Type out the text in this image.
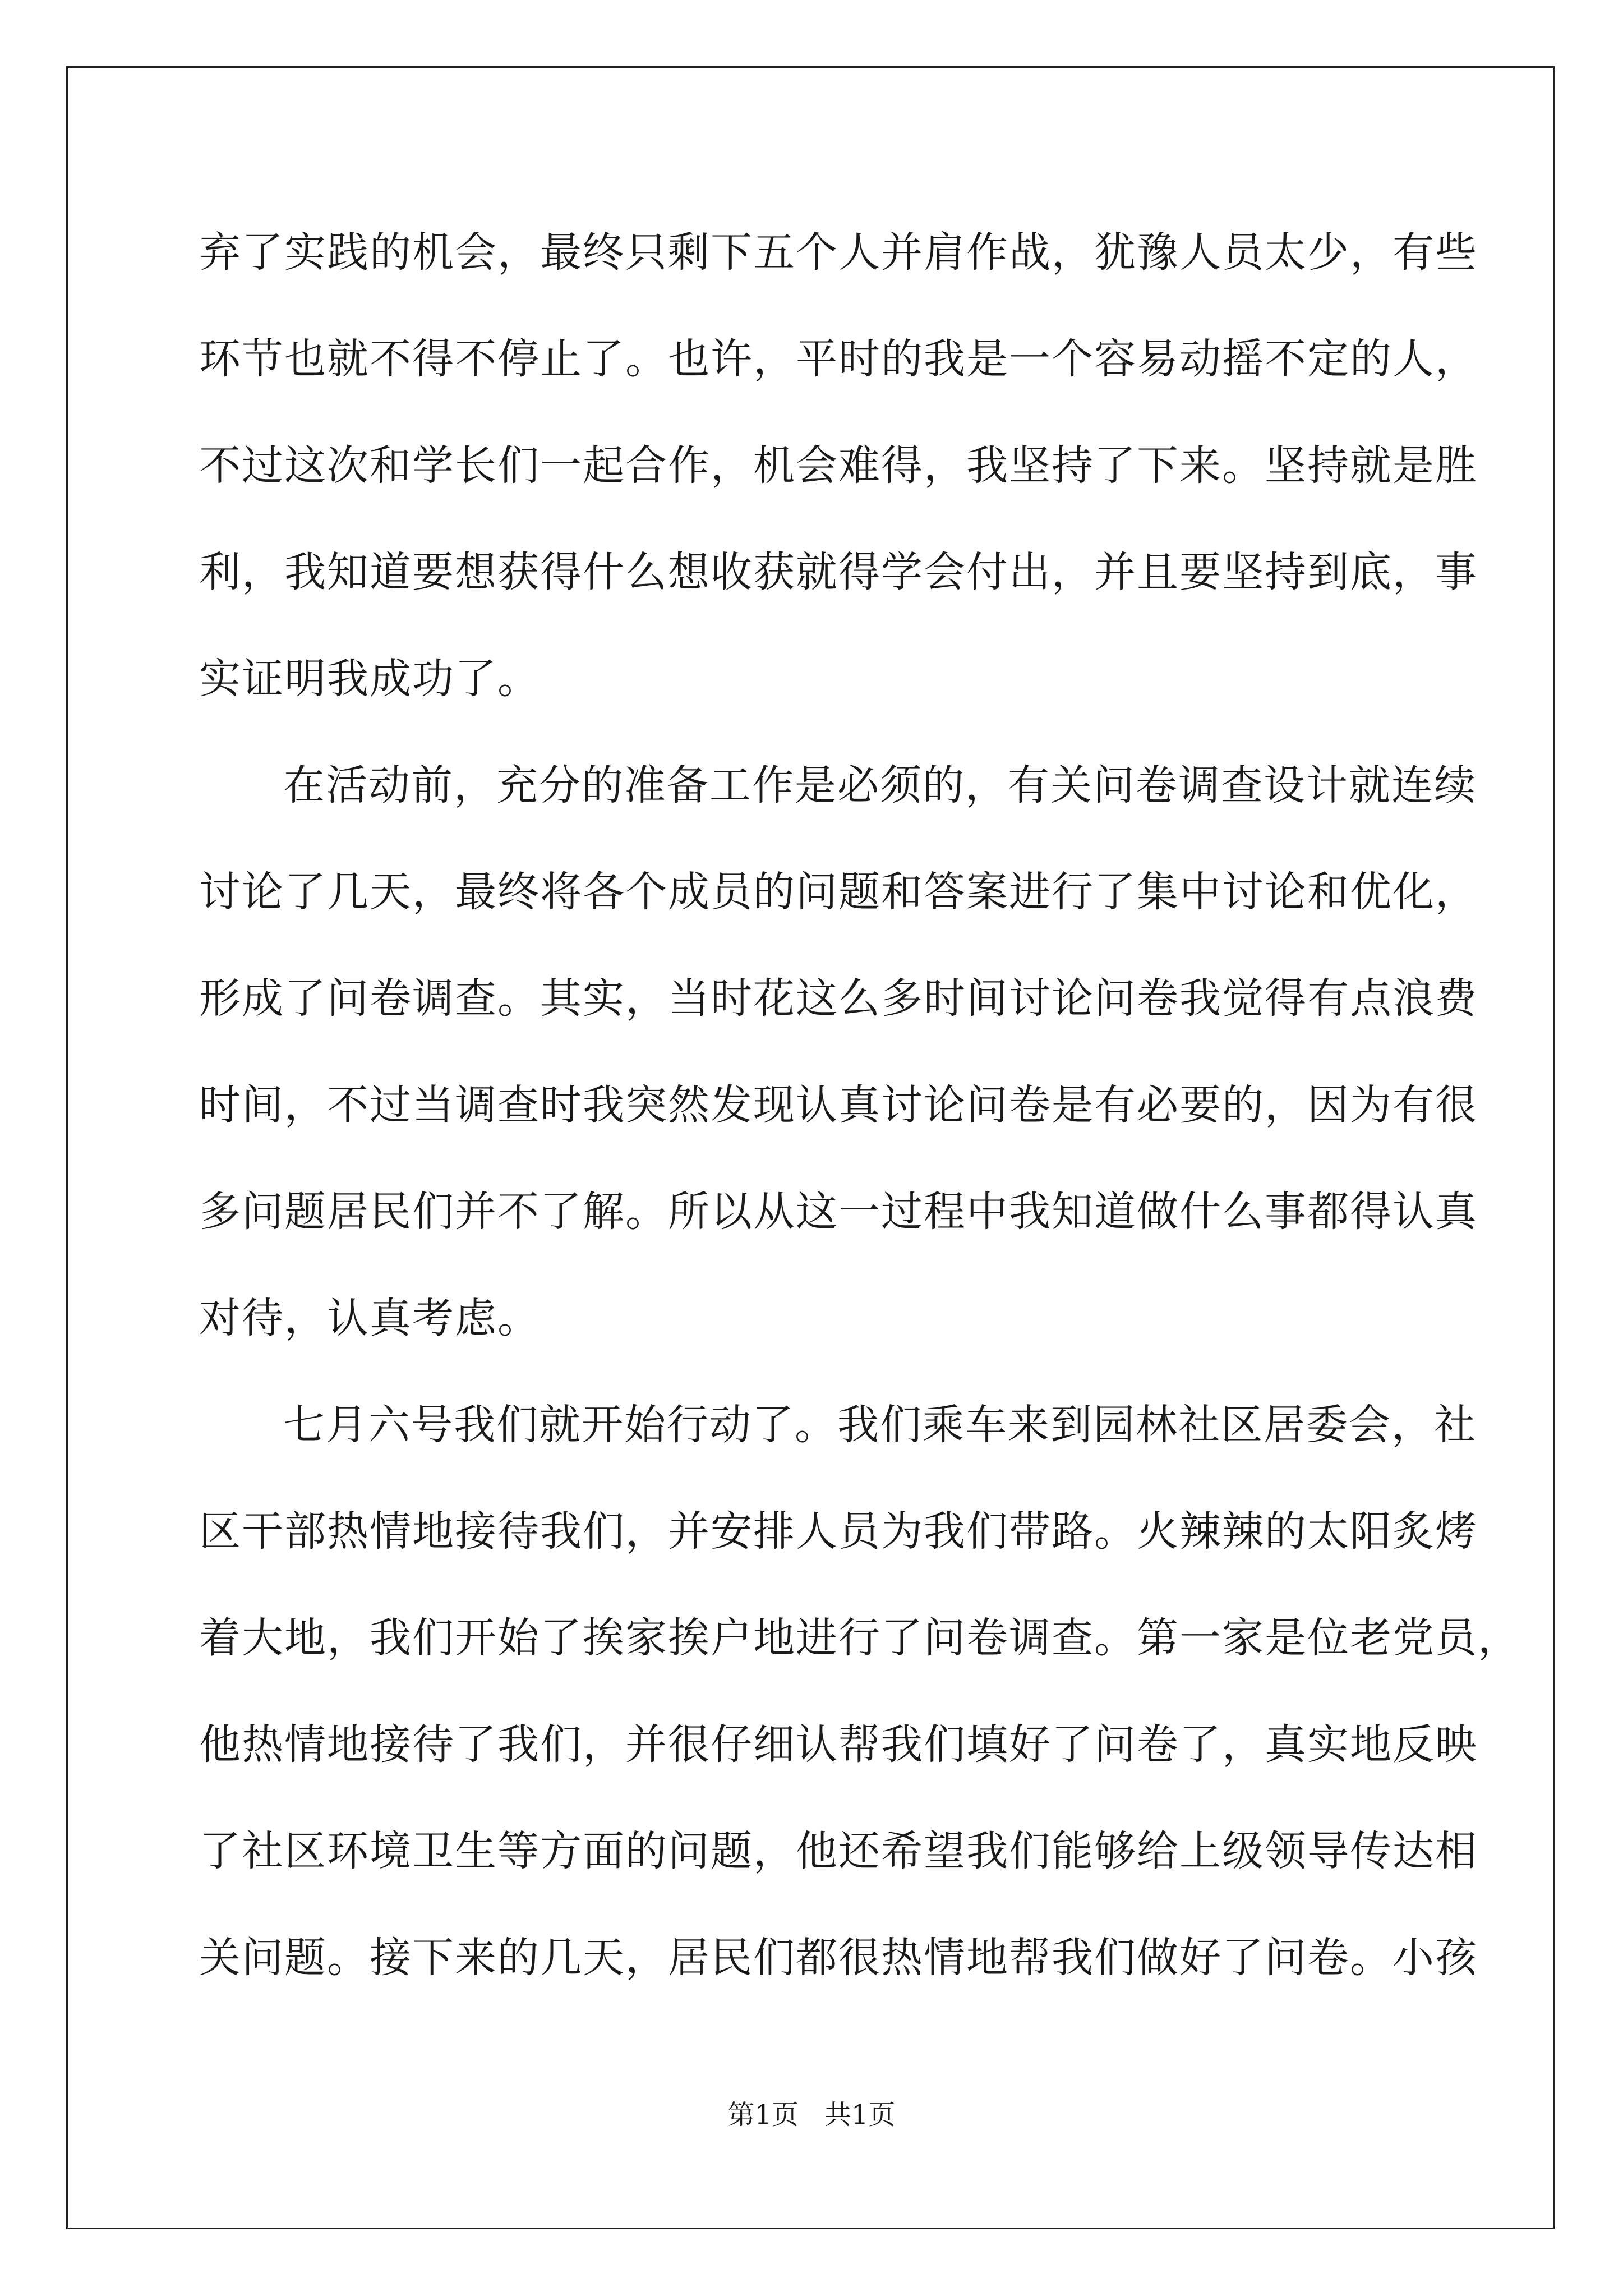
弃了实践的机会，最终只剩下五个人并肩作战，犹豫人员太少，有些
环节也就不得不停止了。也许，平时的我是一个容易动摇不定的人，
不过这次和学长们一起合作，机会难得，我坚持了下来。坚持就是胜
利，我知道要想获得什么想收获就得学会付出，并且要坚持到底，事
实证明我成功了。
在活动前，充分的准备工作是必须的，有关问卷调查设计就连续
讨论了几天，最终将各个成员的问题和答案进行了集中讨论和优化，
形成了问卷调查。其实，当时花这么多时间讨论问卷我觉得有点浪费
时间，不过当调查时我突然发现认真讨论问卷是有必要的，因为有很
多问题居民们并不了解。所以从这一过程中我知道做什么事都得认真
对待，认真考虑。
七月六号我们就开始行动了。我们乘车来到园林社区居委会，社
区干部热情地接待我们，并安排人员为我们带路。火辣辣的太阳炙烤
着大地，我们开始了挨家挨户地进行了问卷调查。第一家是位老党员，
他热情地接待了我们，并很仔细认帮我们填好了问卷了，真实地反映
了社区环境卫生等方面的问题，他还希望我们能够给上级领导传达相
关问题。接下来的几天，居民们都很热情地帮我们做好了问卷。小孩
第1页   共1页
